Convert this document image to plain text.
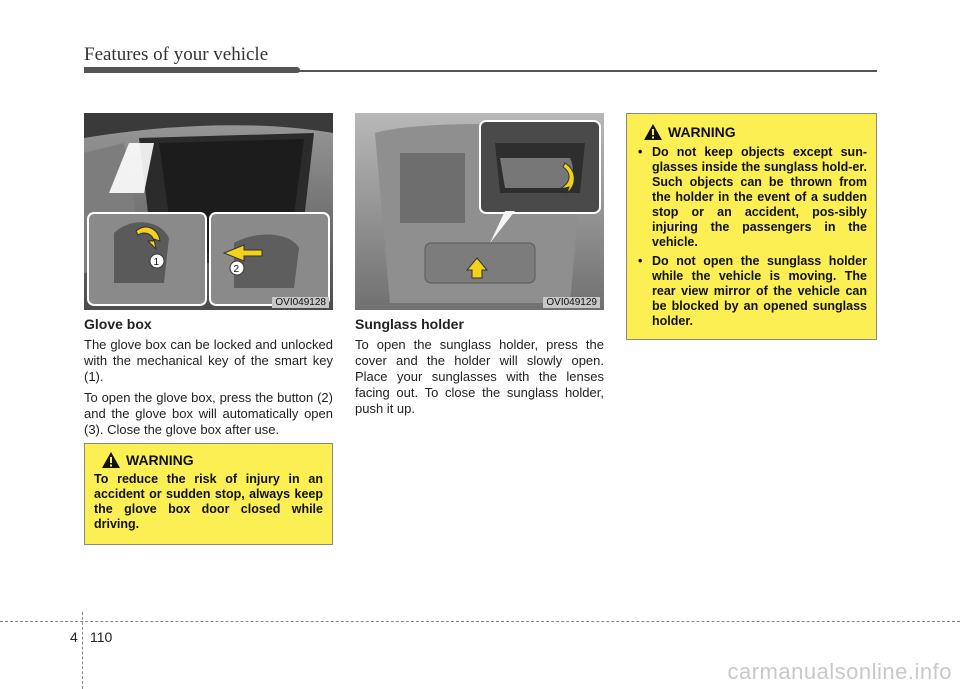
Features of your vehicle
1
2
OVI049128	OVI049129
Glove box

The glove box can be locked and unlocked with the mechanical key of the smart key (1).

To open the glove box, press the button (2) and the glove box will automatically open (3). Close the glove box after use.

Sunglass holder

To open the sunglass holder, press the cover and the holder will slowly open. Place your sunglasses with the lenses facing out. To close the sunglass holder, push it up.

WARNING
To reduce the risk of injury in an accident or sudden stop, always keep the glove box door closed while driving.
WARNING
• Do not keep objects except sun-glasses inside the sunglass hold-er. Such objects can be thrown from the holder in the event of a sudden stop or an accident, pos-sibly injuring the passengers in the vehicle.
• Do not open the sunglass holder while the vehicle is moving. The rear view mirror of the vehicle can be blocked by an opened sunglass holder.
4 110
carmanualsonline.info
